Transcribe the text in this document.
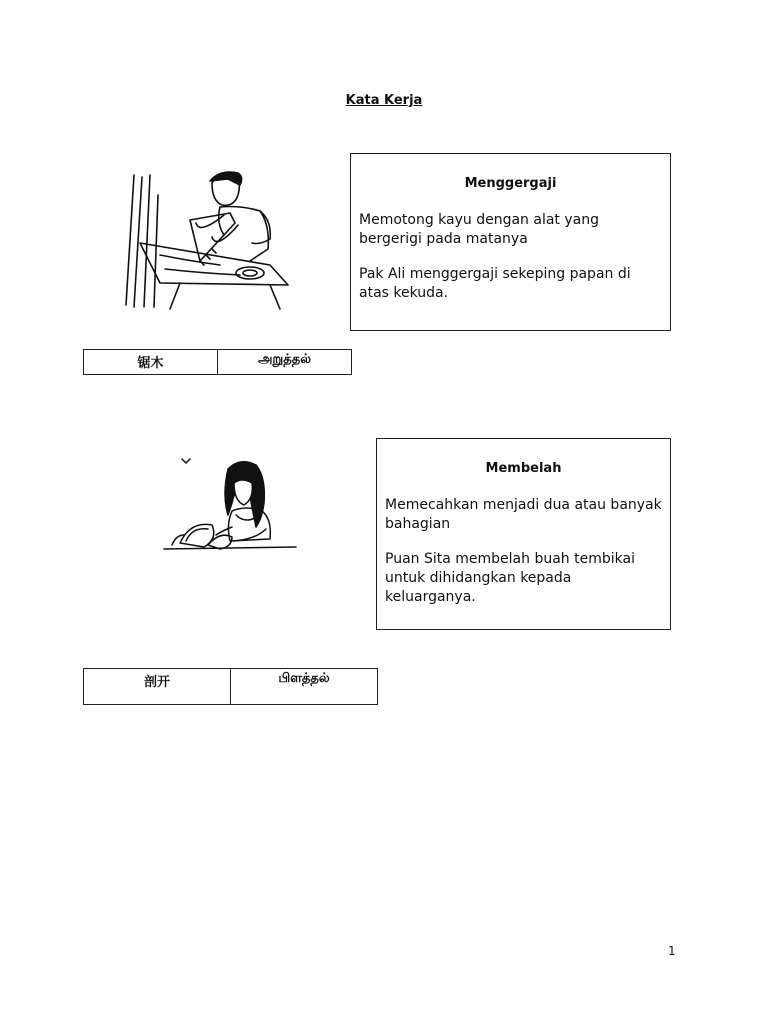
Kata Kerja
Menggergaji

Memotong kayu dengan alat yang bergerigi pada matanya

Pak Ali menggergaji sekeping papan di atas kekuda.

锯木	அறுத்தல்
Membelah

Memecahkan menjadi dua atau banyak bahagian

Puan Sita membelah buah tembikai untuk dihidangkan kepada keluarganya.

剖开	பிளத்தல்
1
